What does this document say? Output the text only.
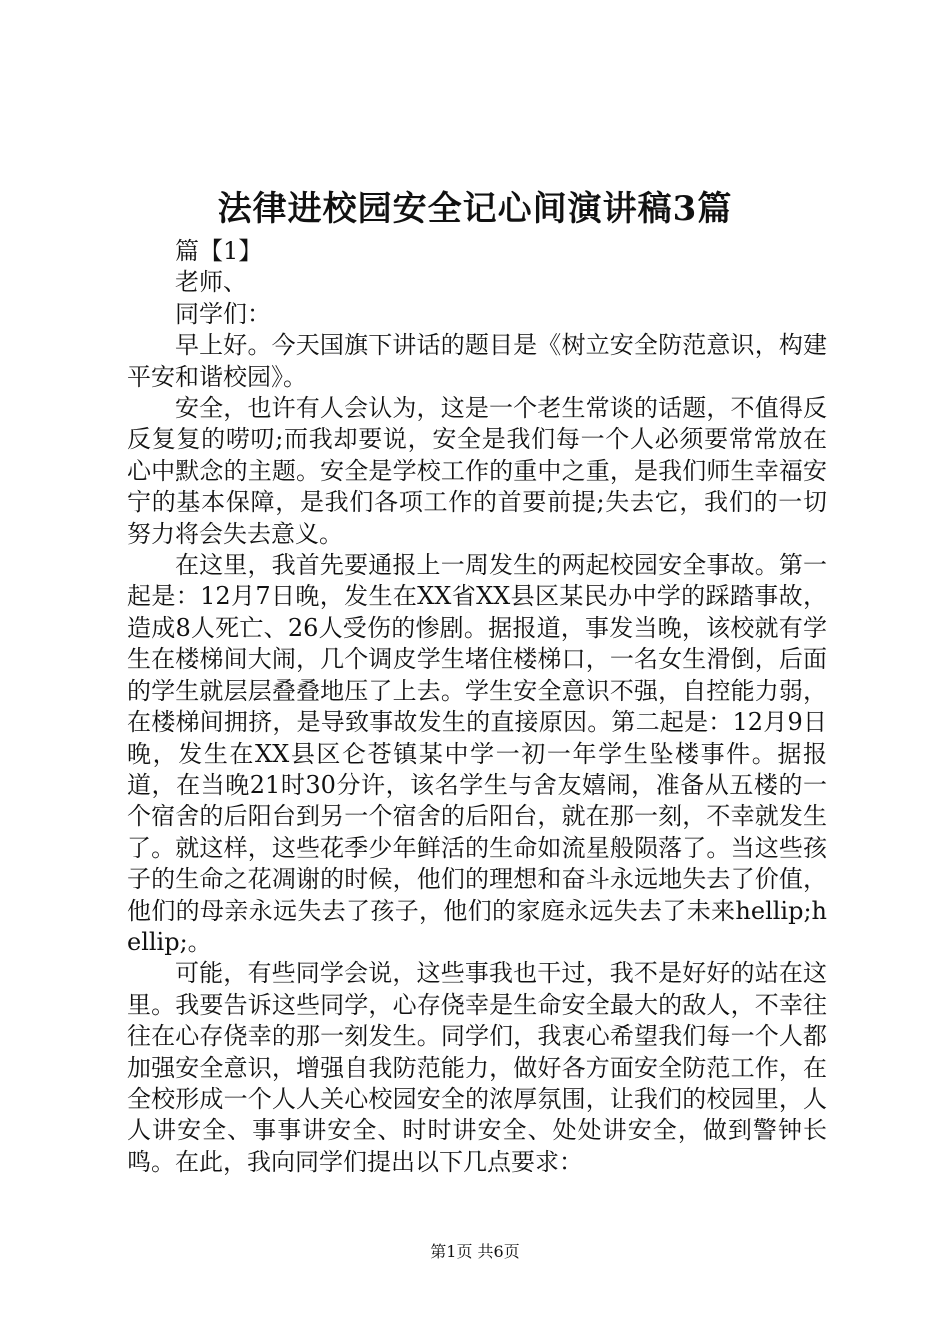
法律进校园安全记心间演讲稿3篇

篇【1】

老师、

同学们：

早上好。今天国旗下讲话的题目是《树立安全防范意识，构建平安和谐校园》。

安全，也许有人会认为，这是一个老生常谈的话题，不值得反反复复的唠叨;而我却要说，安全是我们每一个人必须要常常放在心中默念的主题。安全是学校工作的重中之重，是我们师生幸福安宁的基本保障，是我们各项工作的首要前提;失去它，我们的一切努力将会失去意义。

在这里，我首先要通报上一周发生的两起校园安全事故。第一起是：12月7日晚，发生在XX省XX县区某民办中学的踩踏事故，造成8人死亡、26人受伤的惨剧。据报道，事发当晚，该校就有学生在楼梯间大闹，几个调皮学生堵住楼梯口，一名女生滑倒，后面的学生就层层叠叠地压了上去。学生安全意识不强，自控能力弱，在楼梯间拥挤，是导致事故发生的直接原因。第二起是：12月9日晚，发生在XX县区仑苍镇某中学一初一年学生坠楼事件。据报道，在当晚21时30分许，该名学生与舍友嬉闹，准备从五楼的一个宿舍的后阳台到另一个宿舍的后阳台，就在那一刻，不幸就发生了。就这样，这些花季少年鲜活的生命如流星般陨落了。当这些孩子的生命之花凋谢的时候，他们的理想和奋斗永远地失去了价值，他们的母亲永远失去了孩子，他们的家庭永远失去了未来hellip;hellip;。

可能，有些同学会说，这些事我也干过，我不是好好的站在这里。我要告诉这些同学，心存侥幸是生命安全最大的敌人，不幸往往在心存侥幸的那一刻发生。同学们，我衷心希望我们每一个人都加强安全意识，增强自我防范能力，做好各方面安全防范工作，在全校形成一个人人关心校园安全的浓厚氛围，让我们的校园里，人人讲安全、事事讲安全、时时讲安全、处处讲安全，做到警钟长鸣。在此，我向同学们提出以下几点要求：

第1页 共6页
